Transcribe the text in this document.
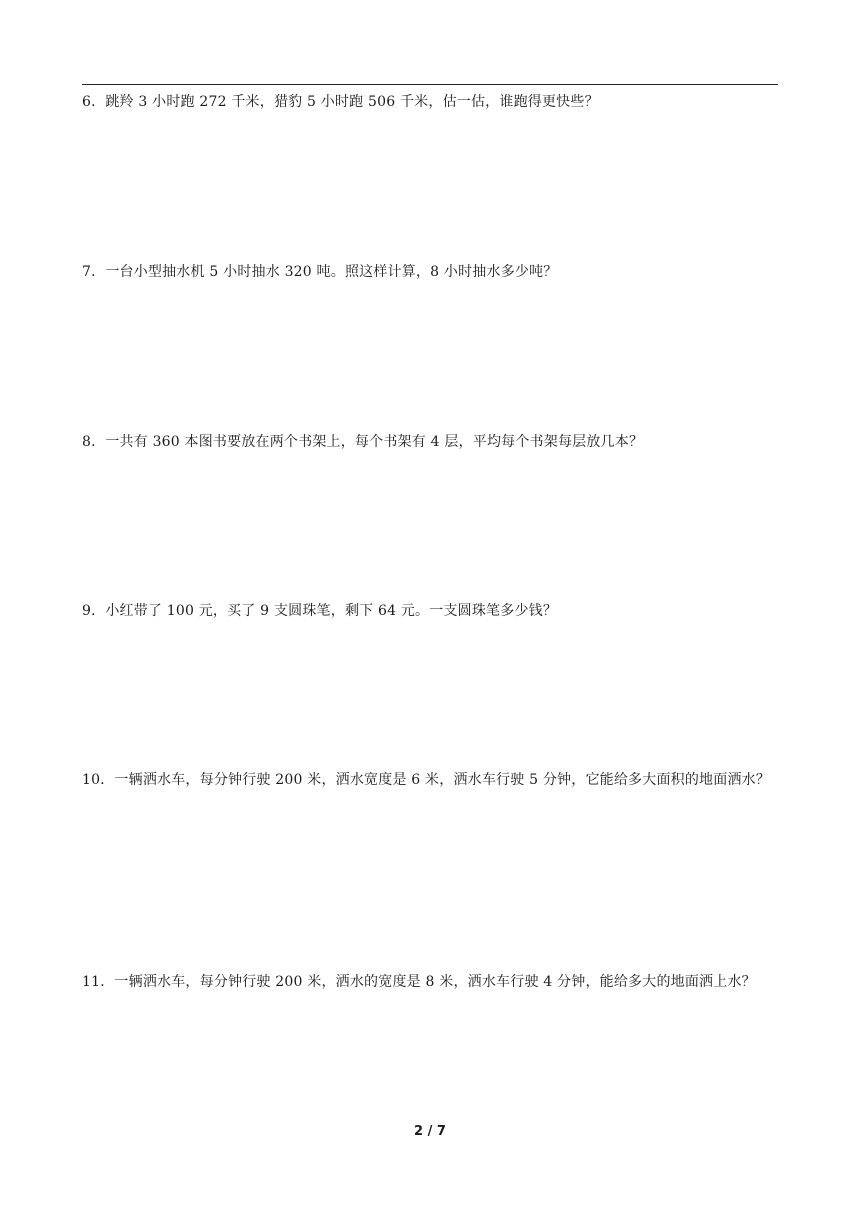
6．跳羚 3 小时跑 272 千米，猎豹 5 小时跑 506 千米，估一估，谁跑得更快些？

7．一台小型抽水机 5 小时抽水 320 吨。照这样计算，8 小时抽水多少吨？

8．一共有 360 本图书要放在两个书架上，每个书架有 4 层，平均每个书架每层放几本？

9．小红带了 100 元，买了 9 支圆珠笔，剩下 64 元。一支圆珠笔多少钱？

10．一辆洒水车，每分钟行驶 200 米，洒水宽度是 6 米，洒水车行驶 5 分钟，它能给多大面积的地面洒水？

11．一辆洒水车，每分钟行驶 200 米，洒水的宽度是 8 米，洒水车行驶 4 分钟，能给多大的地面洒上水？

2 / 7
